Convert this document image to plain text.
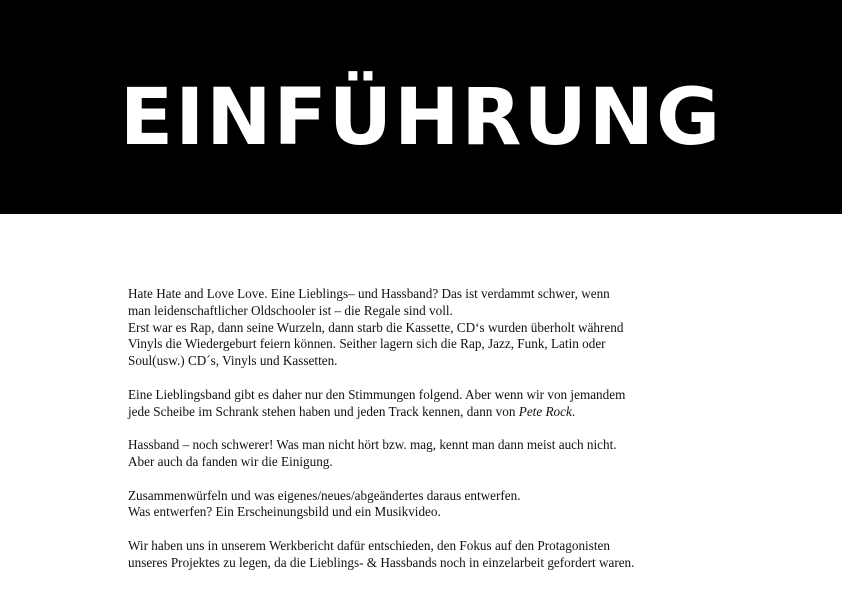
EINFÜHRUNG

Hate Hate and Love Love. Eine Lieblings– und Hassband? Das ist verdammt schwer, wenn
man leidenschaftlicher Oldschooler ist – die Regale sind voll.
Erst war es Rap, dann seine Wurzeln, dann starb die Kassette, CD‘s wurden überholt während
Vinyls die Wiedergeburt feiern können. Seither lagern sich die Rap, Jazz, Funk, Latin oder
Soul(usw.) CD´s, Vinyls und Kassetten.

Eine Lieblingsband gibt es daher nur den Stimmungen folgend. Aber wenn wir von jemandem
jede Scheibe im Schrank stehen haben und jeden Track kennen, dann von Pete Rock.

Hassband – noch schwerer! Was man nicht hört bzw. mag, kennt man dann meist auch nicht.
Aber auch da fanden wir die Einigung.

Zusammenwürfeln und was eigenes/neues/abgeändertes daraus entwerfen.
Was entwerfen? Ein Erscheinungsbild und ein Musikvideo.

Wir haben uns in unserem Werkbericht dafür entschieden, den Fokus auf den Protagonisten
unseres Projektes zu legen, da die Lieblings- & Hassbands noch in einzelarbeit gefordert waren.
